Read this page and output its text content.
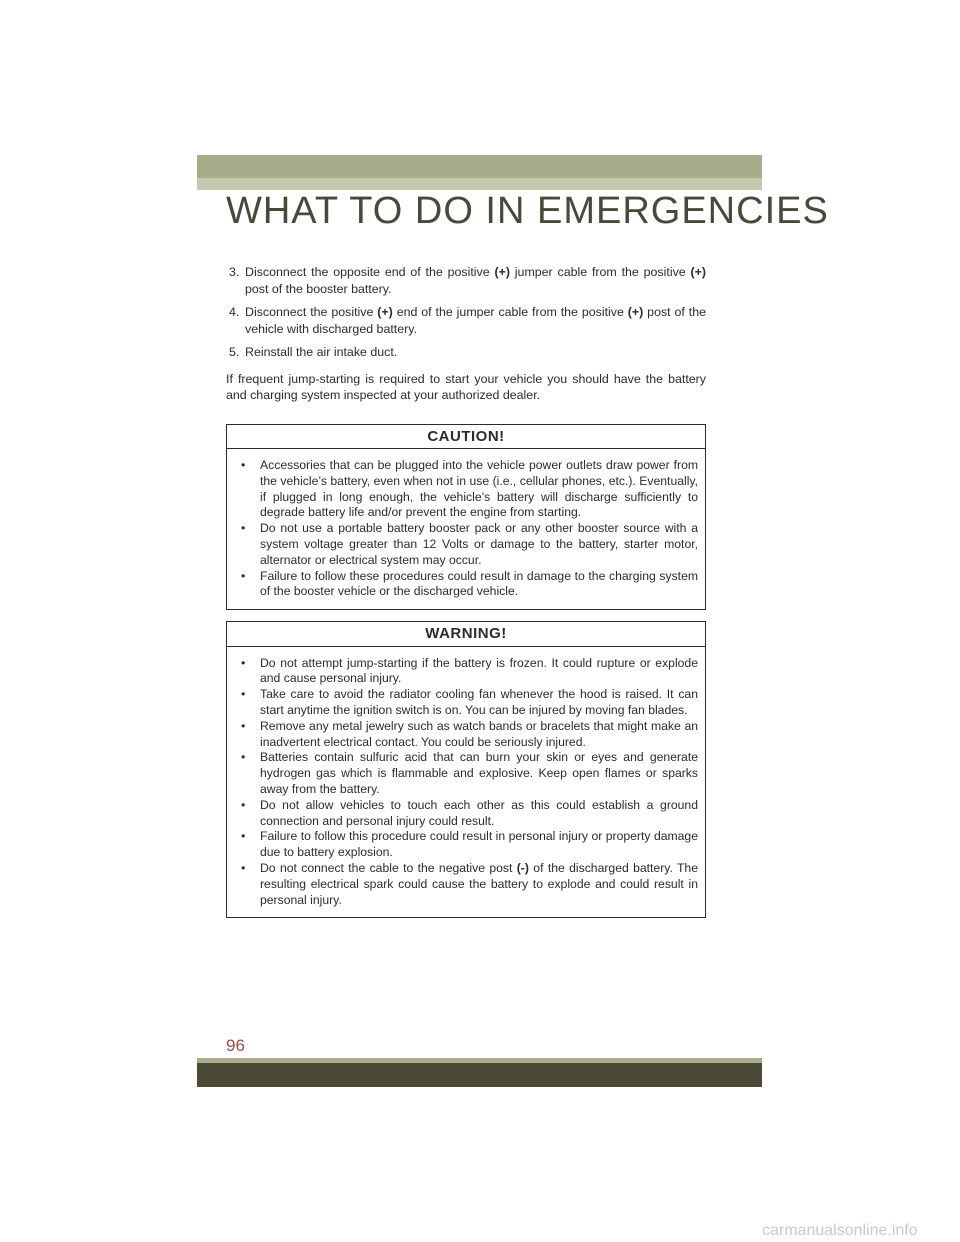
WHAT TO DO IN EMERGENCIES
3. Disconnect the opposite end of the positive (+) jumper cable from the positive (+) post of the booster battery.
4. Disconnect the positive (+) end of the jumper cable from the positive (+) post of the vehicle with discharged battery.
5. Reinstall the air intake duct.

If frequent jump-starting is required to start your vehicle you should have the battery and charging system inspected at your authorized dealer.

CAUTION!
• Accessories that can be plugged into the vehicle power outlets draw power from the vehicle’s battery, even when not in use (i.e., cellular phones, etc.). Eventually, if plugged in long enough, the vehicle’s battery will discharge sufficiently to degrade battery life and/or prevent the engine from starting.
• Do not use a portable battery booster pack or any other booster source with a system voltage greater than 12 Volts or damage to the battery, starter motor, alternator or electrical system may occur.
• Failure to follow these procedures could result in damage to the charging system of the booster vehicle or the discharged vehicle.
WARNING!
• Do not attempt jump-starting if the battery is frozen. It could rupture or explode and cause personal injury.
• Take care to avoid the radiator cooling fan whenever the hood is raised. It can start anytime the ignition switch is on. You can be injured by moving fan blades.
• Remove any metal jewelry such as watch bands or bracelets that might make an inadvertent electrical contact. You could be seriously injured.
• Batteries contain sulfuric acid that can burn your skin or eyes and generate hydrogen gas which is flammable and explosive. Keep open flames or sparks away from the battery.
• Do not allow vehicles to touch each other as this could establish a ground connection and personal injury could result.
• Failure to follow this procedure could result in personal injury or property damage due to battery explosion.
• Do not connect the cable to the negative post (-) of the discharged battery. The resulting electrical spark could cause the battery to explode and could result in personal injury.
96
carmanualsonline.info
